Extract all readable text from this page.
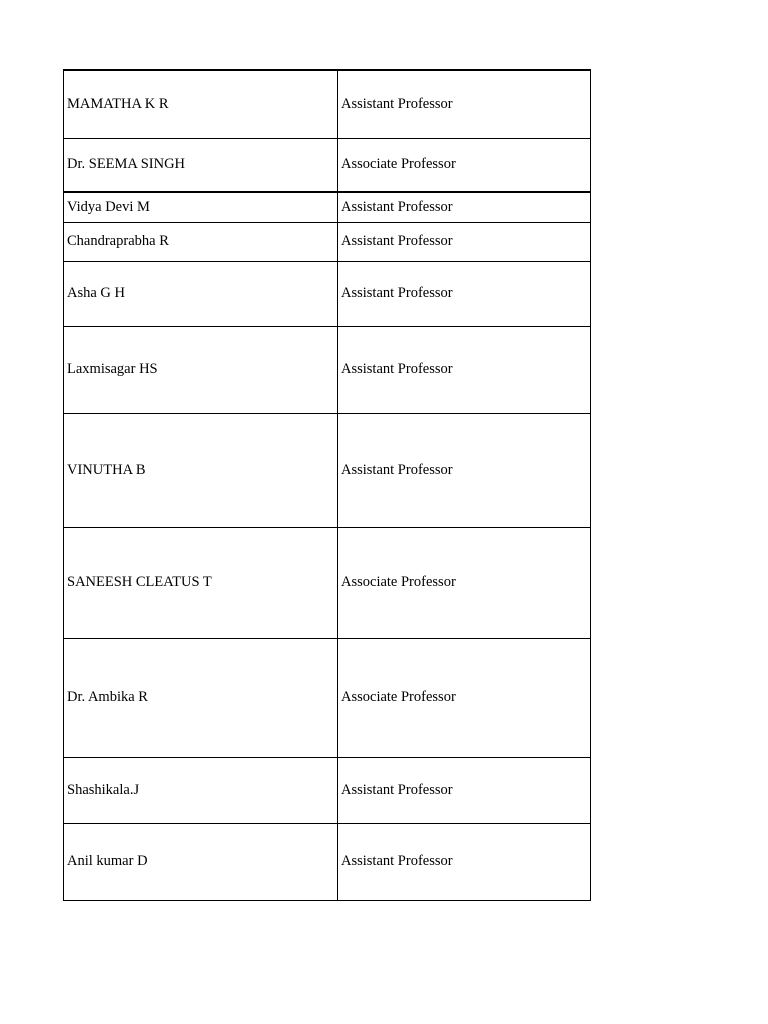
MAMATHA K R	Assistant Professor
Dr. SEEMA SINGH	Associate Professor
Vidya Devi M	Assistant Professor
Chandraprabha R	Assistant Professor
Asha G H	Assistant Professor
Laxmisagar HS	Assistant Professor
VINUTHA B	Assistant Professor
SANEESH CLEATUS T	Associate Professor
Dr. Ambika R	Associate Professor
Shashikala.J	Assistant Professor
Anil kumar D	Assistant Professor
